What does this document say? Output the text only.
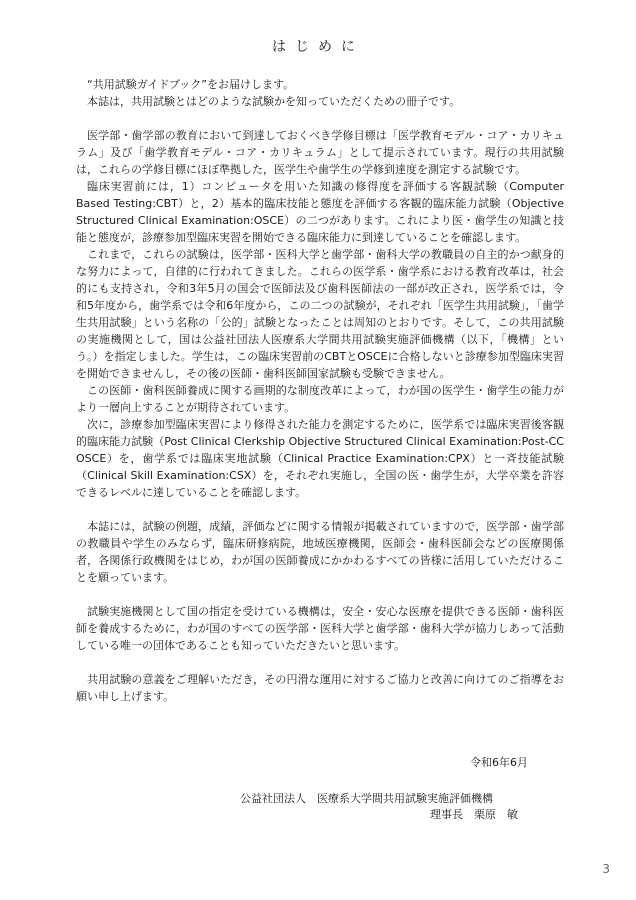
はじめに

“共用試験ガイドブック”をお届けします。

本誌は，共用試験とはどのような試験かを知っていただくための冊子です。

医学部・歯学部の教育において到達しておくべき学修目標は「医学教育モデル・コア・カリキュラム」及び「歯学教育モデル・コア・カリキュラム」として提示されています。現行の共用試験は，これらの学修目標にほぼ準拠した，医学生や歯学生の学修到達度を測定する試験です。

臨床実習前には，1）コンピュータを用いた知識の修得度を評価する客観試験（Computer Based Testing:CBT）と，2）基本的臨床技能と態度を評価する客観的臨床能力試験（Objective Structured Clinical Examination:OSCE）の二つがあります。これにより医・歯学生の知識と技能と態度が，診療参加型臨床実習を開始できる臨床能力に到達していることを確認します。

これまで，これらの試験は，医学部・医科大学と歯学部・歯科大学の教職員の自主的かつ献身的な努力によって，自律的に行われてきました。これらの医学系・歯学系における教育改革は，社会的にも支持され，令和3年5月の国会で医師法及び歯科医師法の一部が改正され，医学系では，令和5年度から，歯学系では令和6年度から，この二つの試験が，それぞれ「医学生共用試験」，「歯学生共用試験」という名称の「公的」試験となったことは周知のとおりです。そして，この共用試験の実施機関として，国は公益社団法人医療系大学間共用試験実施評価機構（以下，「機構」という。）を指定しました。学生は，この臨床実習前のCBTとOSCEに合格しないと診療参加型臨床実習を開始できませんし，その後の医師・歯科医師国家試験も受験できません。

この医師・歯科医師養成に関する画期的な制度改革によって，わが国の医学生・歯学生の能力がより一層向上することが期待されています。

次に，診療参加型臨床実習により修得された能力を測定するために，医学系では臨床実習後客観的臨床能力試験（Post Clinical Clerkship Objective Structured Clinical Examination:Post-CC OSCE）を，歯学系では臨床実地試験（Clinical Practice Examination:CPX）と一斉技能試験（Clinical Skill Examination:CSX）を，それぞれ実施し，全国の医・歯学生が，大学卒業を許容できるレベルに達していることを確認します。

本誌には，試験の例題，成績，評価などに関する情報が掲載されていますので，医学部・歯学部の教職員や学生のみならず，臨床研修病院，地域医療機関，医師会・歯科医師会などの医療関係者，各関係行政機関をはじめ，わが国の医師養成にかかわるすべての皆様に活用していただけることを願っています。

試験実施機関として国の指定を受けている機構は，安全・安心な医療を提供できる医師・歯科医師を養成するために，わが国のすべての医学部・医科大学と歯学部・歯科大学が協力しあって活動している唯一の団体であることも知っていただきたいと思います。

共用試験の意義をご理解いただき，その円滑な運用に対するご協力と改善に向けてのご指導をお願い申し上げます。

令和6年6月
公益社団法人　医療系大学間共用試験実施評価機構
理事長　栗原　敏
3
